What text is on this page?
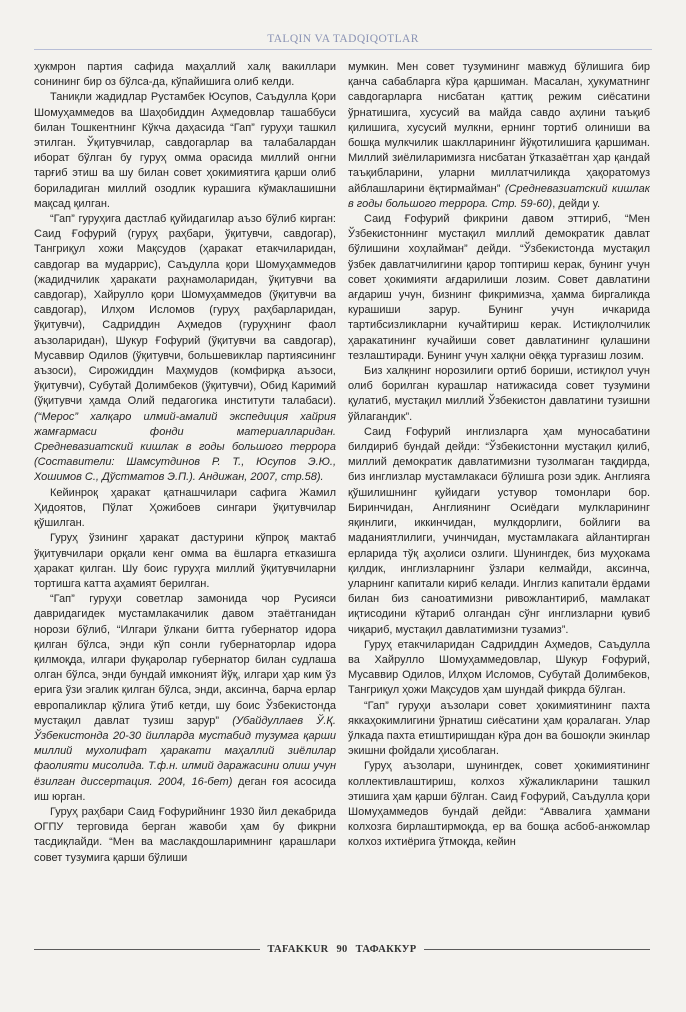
TALQIN VA TADQIQOTLAR

ҳукмрон партия сафида маҳаллий халқ вакиллари сонининг бир оз бўлса-да, кўпайишига олиб келди.

Таниқли жадидлар Рустамбек Юсупов, Саъдулла Қори Шомуҳаммедов ва Шаҳобиддин Аҳмедовлар ташаббуси билан Тошкентнинг Кўкча даҳасида “Гап” гуруҳи ташкил этилган. Ўқитувчилар, савдогарлар ва талабалардан иборат бўлган бу гуруҳ омма орасида миллий онгни тарғиб этиш ва шу билан совет ҳокимиятига қарши олиб бориладиган миллий озодлик курашига кўмаклашишни мақсад қилган.

“Гап” гуруҳига дастлаб қуйидагилар аъзо бўлиб кирган: Саид Ғофурий (гуруҳ раҳбари, ўқитувчи, савдогар), Тангриқул хожи Мақсудов (ҳаракат етакчиларидан, савдогар ва мударрис), Саъдулла қори Шомуҳаммедов (жадидчилик ҳаракати раҳнамоларидан, ўқитувчи ва савдогар), Хайрулло қори Шомуҳаммедов (ўқитувчи ва савдогар), Илҳом Исломов (гуруҳ раҳбарларидан, ўқитувчи), Садриддин Аҳмедов (гуруҳнинг фаол аъзоларидан), Шукур Ғофурий (ўқитувчи ва савдогар), Мусаввир Одилов (ўқитувчи, большевиклар партиясининг аъзоси), Сирожиддин Маҳмудов (комфирқа аъзоси, ўқитувчи), Субутай Долимбеков (ўқитувчи), Обид Каримий (ўқитувчи ҳамда Олий педагогика институти талабаси). (“Мерос” халқаро илмий-амалий экспедиция хайрия жамғармаси фонди материалларидан. Средневазиатский кишлак в годы большого террора (Составители: Шамсутдинов Р. Т., Юсупов Э.Ю., Хошимов С., Дўстматов Э.П.). Андижан, 2007, стр.58).

Кейинроқ ҳаракат қатнашчилари сафига Жамил Ҳидоятов, Пўлат Ҳожибоев сингари ўқитувчилар қўшилган.

Гуруҳ ўзининг ҳаракат дастурини кўпроқ мактаб ўқитувчилари орқали кенг омма ва ёшларга етказишга ҳаракат қилган. Шу боис гуруҳга миллий ўқитувчиларни тортишга катта аҳамият берилган.

“Гап” гуруҳи советлар замонида чор Русияси давридагидек мустамлакачилик давом этаётганидан норози бўлиб, “Илгари ўлкани битта губернатор идора қилган бўлса, энди кўп сонли губернаторлар идора қилмоқда, илгари фуқаролар губернатор билан судлаша олган бўлса, энди бундай имконият йўқ, илгари ҳар ким ўз ерига ўзи эгалик қилган бўлса, энди, аксинча, барча ерлар европаликлар қўлига ўтиб кетди, шу боис Ўзбекистонда мустақил давлат тузиш зарур” (Убайдуллаев Ў.Қ. Ўзбекистонда 20-30 йилларда мустабид тузумга қарши миллий мухолифат ҳаракати маҳаллий зиёлилар фаолияти мисолида. Т.ф.н. илмий даражасини олиш учун ёзилган диссертация. 2004, 16-бет) деган ғоя асосида иш юрган.

Гуруҳ раҳбари Саид Ғофурийнинг 1930 йил декабрида ОГПУ терговида берган жавоби ҳам бу фикрни тасдиқлайди. “Мен ва маслакдошларимнинг қарашлари совет тузумига қарши бўлиши

мумкин. Мен совет тузумининг мавжуд бўлишига бир қанча сабабларга кўра қаршиман. Масалан, ҳукуматнинг савдогарларга нисбатан қаттиқ режим сиёсатини ўрнатишига, хусусий ва майда савдо аҳлини таъқиб қилишига, хусусий мулкни, ернинг тортиб олиниши ва бошқа мулкчилик шаклларининг йўқотилишига қаршиман. Миллий зиёлиларимизга нисбатан ўтказаётган ҳар қандай таъқибларини, уларни миллатчиликда ҳақоратомуз айблашларини ёқтирмайман” (Средневазиатский кишлак в годы большого террора. Стр. 59-60), дейди у.

Саид Ғофурий фикрини давом эттириб, “Мен Ўзбекистоннинг мустақил миллий демократик давлат бўлишини хоҳлайман” дейди. “Ўзбекистонда мустақил ўзбек давлатчилигини қарор топтириш керак, бунинг учун совет ҳокимияти ағдарилиши лозим. Совет давлатини ағдариш учун, бизнинг фикримизча, ҳамма биргаликда курашиши зарур. Бунинг учун ичкарида тартибсизликларни кучайтириш керак. Истиқлолчилик ҳаракатининг кучайиши совет давлатининг қулашини тезлаштиради. Бунинг учун халқни оёққа турғазиш лозим.

Биз халқнинг норозилиги ортиб бориши, истиқлол учун олиб борилган курашлар натижасида совет тузумини қулатиб, мустақил миллий Ўзбекистон давлатини тузишни ўйлагандик”.

Саид Ғофурий инглизларга ҳам муносабатини билдириб бундай дейди: “Ўзбекистонни мустақил қилиб, миллий демократик давлатимизни тузолмаган тақдирда, биз инглизлар мустамлакаси бўлишга рози эдик. Англияга қўшилишнинг қуйидаги устувор томонлари бор. Биринчидан, Англиянинг Осиёдаги мулкларининг яқинлиги, иккинчидан, мулкдорлиги, бойлиги ва маданиятлилиги, учинчидан, мустамлакага айлантирган ерларида тўқ аҳолиси озлиги. Шунингдек, биз муҳокама қилдик, инглизларнинг ўзлари келмайди, аксинча, уларнинг капитали кириб келади. Инглиз капитали ёрдами билан биз саноатимизни ривожлантириб, мамлакат иқтисодини кўтариб олгандан сўнг инглизларни қувиб чиқариб, мустақил давлатимизни тузамиз”.

Гуруҳ етакчиларидан Садриддин Аҳмедов, Саъдулла ва Хайрулло Шомуҳаммедовлар, Шукур Ғофурий, Мусаввир Одилов, Илҳом Исломов, Субутай Долимбеков, Тангриқул ҳожи Мақсудов ҳам шундай фикрда бўлган.

“Гап” гуруҳи аъзолари совет ҳокимиятининг пахта яккаҳокимлигини ўрнатиш сиёсатини ҳам қоралаган. Улар ўлкада пахта етиштиришдан кўра дон ва бошоқли экинлар экишни фойдали ҳисоблаган.

Гуруҳ аъзолари, шунингдек, совет ҳокимиятининг коллективлаштириш, колхоз хўжаликларини ташкил этишига ҳам қарши бўлган. Саид Ғофурий, Саъдулла қори Шомуҳаммедов бундай дейди: “Аввалига ҳаммани колхозга бирлаштирмоқда, ер ва бошқа асбоб-анжомлар колхоз ихтиёрига ўтмоқда, кейин

TAFAKKUR 90 ТАФАККУР
